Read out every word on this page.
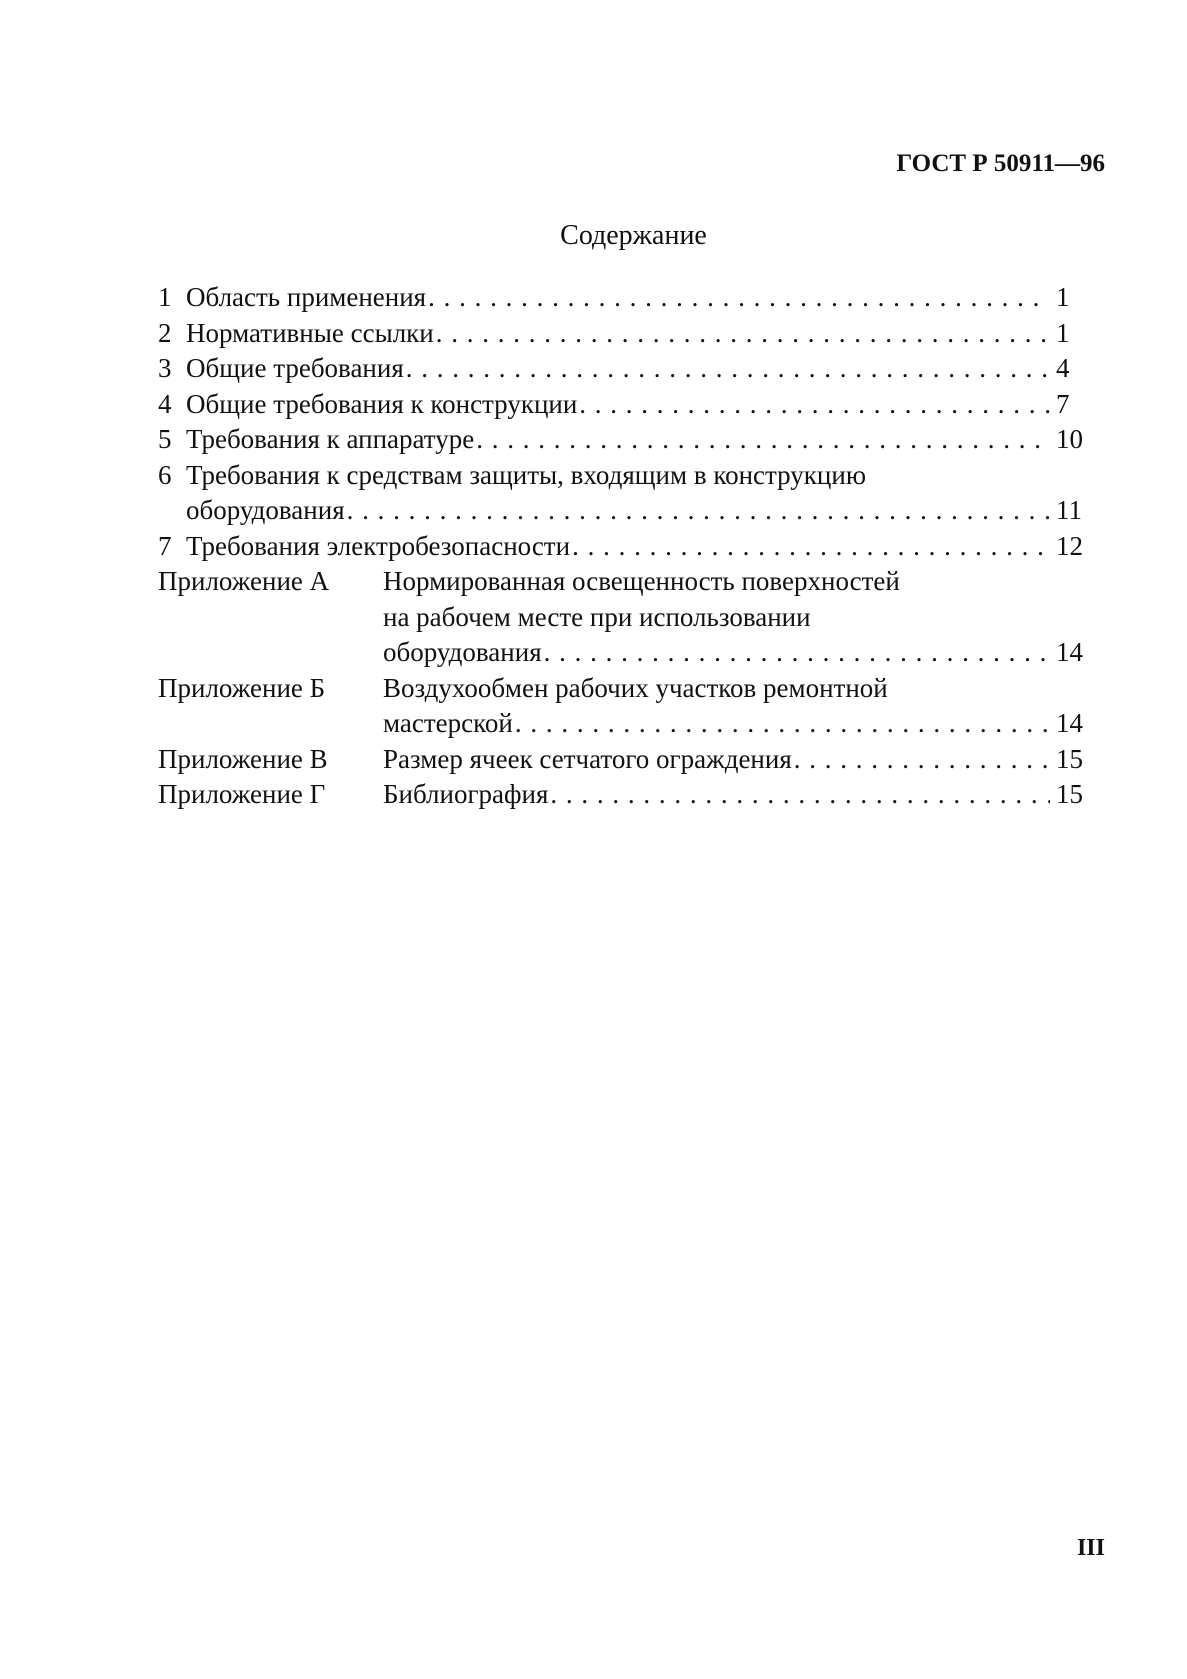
ГОСТ Р 50911—96
Содержание
1 Область применения . . .	1
2 Нормативные ссылки . . .	1
3 Общие требования . . .	4
4 Общие требования к конструкции . . .	7
5 Требования к аппаратуре . . .	10
6 Требования к средствам защиты, входящим в конструкцию
оборудования . . .	11
7 Требования электробезопасности . . .	12
Приложение А	Нормированная освещенность поверхностей
на рабочем месте при использовании
оборудования . . .	14
Приложение Б	Воздухообмен рабочих участков ремонтной
мастерской . . .	14
Приложение В	Размер ячеек сетчатого ограждения . . .	15
Приложение Г	Библиография . . .	15
III
